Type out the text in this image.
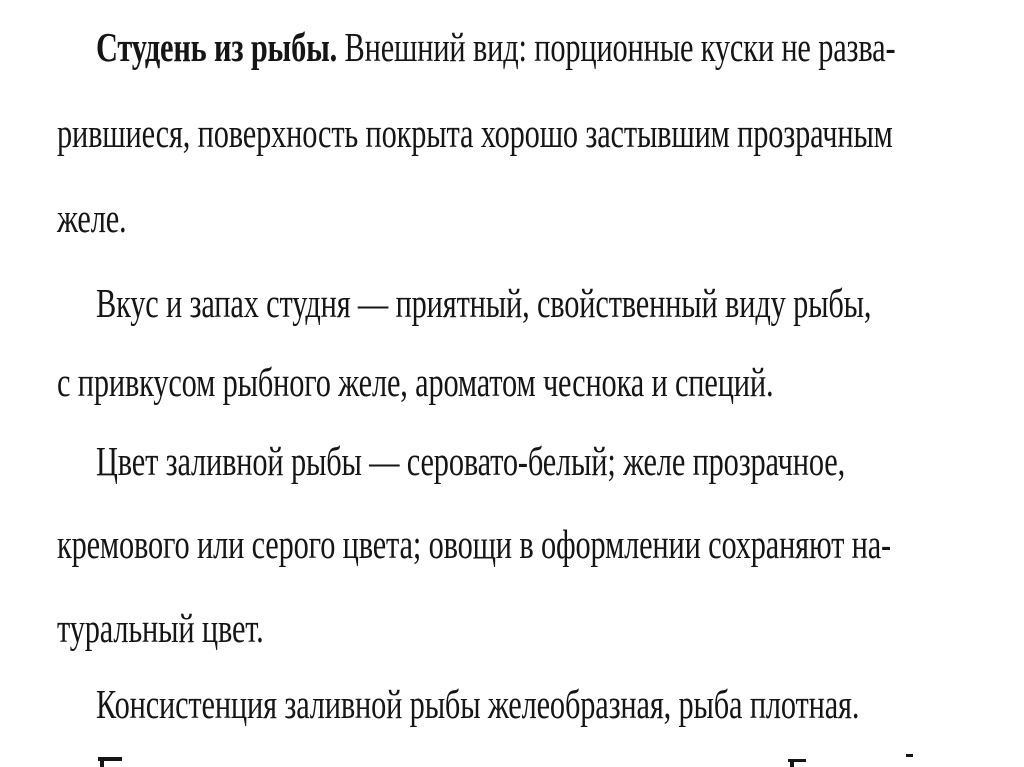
Студень из рыбы. Внешний вид: порционные куски не разва-
рившиеся, поверхность покрыта хорошо застывшим прозрачным
желе.
Вкус и запах студня — приятный, свойственный виду рыбы,
с привкусом рыбного желе, ароматом чеснока и специй.
Цвет заливной рыбы — серовато-белый; желе прозрачное,
кремового или серого цвета; овощи в оформлении сохраняют на-
туральный цвет.
Консистенция заливной рыбы желеобразная, рыба плотная.
